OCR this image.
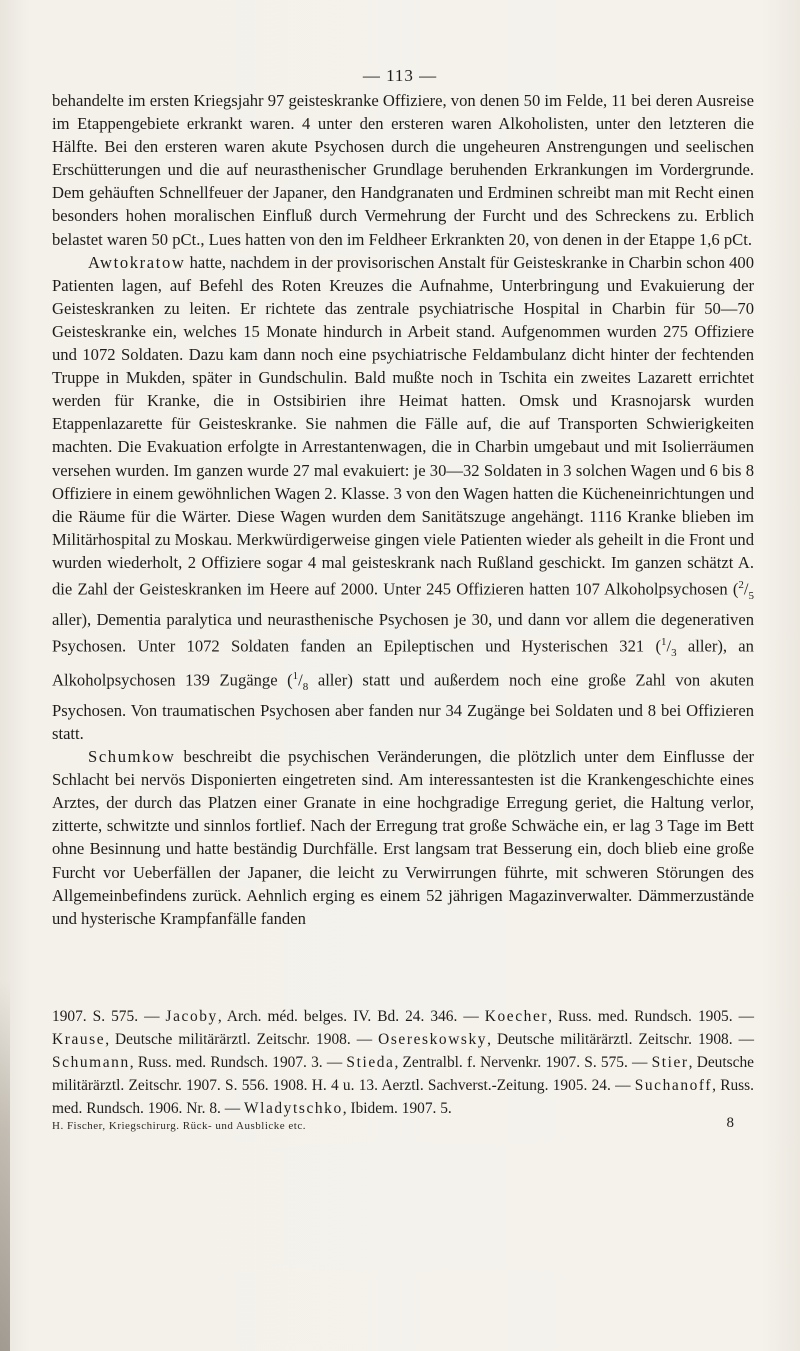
— 113 —

behandelte im ersten Kriegsjahr 97 geisteskranke Offiziere, von denen 50 im Felde, 11 bei deren Ausreise im Etappengebiete erkrankt waren. 4 unter den ersteren waren Alkoholisten, unter den letzteren die Hälfte. Bei den ersteren waren akute Psychosen durch die ungeheuren Anstrengungen und seelischen Erschütterungen und die auf neurasthenischer Grundlage beruhenden Erkrankungen im Vordergrunde. Dem gehäuften Schnellfeuer der Japaner, den Handgranaten und Erdminen schreibt man mit Recht einen besonders hohen moralischen Einfluß durch Vermehrung der Furcht und des Schreckens zu. Erblich belastet waren 50 pCt., Lues hatten von den im Feldheer Erkrankten 20, von denen in der Etappe 1,6 pCt.

Awtokratow hatte, nachdem in der provisorischen Anstalt für Geisteskranke in Charbin schon 400 Patienten lagen, auf Befehl des Roten Kreuzes die Aufnahme, Unterbringung und Evakuierung der Geisteskranken zu leiten. Er richtete das zentrale psychiatrische Hospital in Charbin für 50—70 Geisteskranke ein, welches 15 Monate hindurch in Arbeit stand. Aufgenommen wurden 275 Offiziere und 1072 Soldaten. Dazu kam dann noch eine psychiatrische Feldambulanz dicht hinter der fechtenden Truppe in Mukden, später in Gundschulin. Bald mußte noch in Tschita ein zweites Lazarett errichtet werden für Kranke, die in Ostsibirien ihre Heimat hatten. Omsk und Krasnojarsk wurden Etappenlazarette für Geisteskranke. Sie nahmen die Fälle auf, die auf Transporten Schwierigkeiten machten. Die Evakuation erfolgte in Arrestantenwagen, die in Charbin umgebaut und mit Isolierräumen versehen wurden. Im ganzen wurde 27 mal evakuiert: je 30—32 Soldaten in 3 solchen Wagen und 6 bis 8 Offiziere in einem gewöhnlichen Wagen 2. Klasse. 3 von den Wagen hatten die Kücheneinrichtungen und die Räume für die Wärter. Diese Wagen wurden dem Sanitätszuge angehängt. 1116 Kranke blieben im Militärhospital zu Moskau. Merkwürdigerweise gingen viele Patienten wieder als geheilt in die Front und wurden wiederholt, 2 Offiziere sogar 4 mal geisteskrank nach Rußland geschickt. Im ganzen schätzt A. die Zahl der Geisteskranken im Heere auf 2000. Unter 245 Offizieren hatten 107 Alkoholpsychosen ($^2/_5$ aller), Dementia paralytica und neurasthenische Psychosen je 30, und dann vor allem die degenerativen Psychosen. Unter 1072 Soldaten fanden an Epileptischen und Hysterischen 321 ($^1/_3$ aller), an Alkoholpsychosen 139 Zugänge ($^1/_8$ aller) statt und außerdem noch eine große Zahl von akuten Psychosen. Von traumatischen Psychosen aber fanden nur 34 Zugänge bei Soldaten und 8 bei Offizieren statt.

Schumkow beschreibt die psychischen Veränderungen, die plötzlich unter dem Einflusse der Schlacht bei nervös Disponierten eingetreten sind. Am interessantesten ist die Krankengeschichte eines Arztes, der durch das Platzen einer Granate in eine hochgradige Erregung geriet, die Haltung verlor, zitterte, schwitzte und sinnlos fortlief. Nach der Erregung trat große Schwäche ein, er lag 3 Tage im Bett ohne Besinnung und hatte beständig Durchfälle. Erst langsam trat Besserung ein, doch blieb eine große Furcht vor Ueberfällen der Japaner, die leicht zu Verwirrungen führte, mit schweren Störungen des Allgemeinbefindens zurück. Aehnlich erging es einem 52 jährigen Magazinverwalter. Dämmerzustände und hysterische Krampfanfälle fanden

1907. S. 575. — Jacoby, Arch. méd. belges. IV. Bd. 24. 346. — Koecher, Russ. med. Rundsch. 1905. — Krause, Deutsche militärärztl. Zeitschr. 1908. — Osereskowsky, Deutsche militärärztl. Zeitschr. 1908. — Schumann, Russ. med. Rundsch. 1907. 3. — Stieda, Zentralbl. f. Nervenkr. 1907. S. 575. — Stier, Deutsche militärärztl. Zeitschr. 1907. S. 556. 1908. H. 4 u. 13. Aerztl. Sachverst.-Zeitung. 1905. 24. — Suchanoff, Russ. med. Rundsch. 1906. Nr. 8. — Wladytschko, Ibidem. 1907. 5.
H. Fischer, Kriegschirurg. Rück- und Ausblicke etc.	8
